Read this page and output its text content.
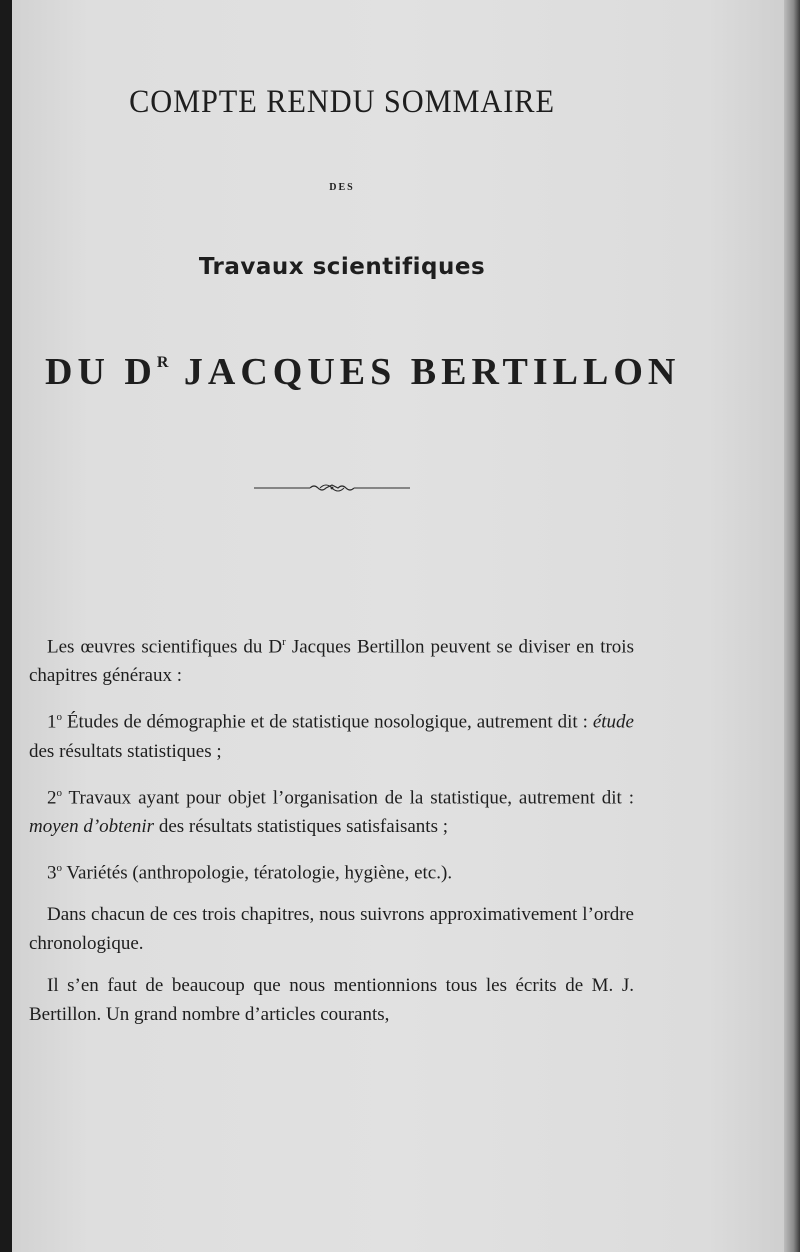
COMPTE RENDU SOMMAIRE
DES
Travaux scientifiques
DU $D^R$ JACQUES BERTILLON

Les œuvres scientifiques du $D^r$ Jacques Bertillon peuvent se diviser en trois chapitres généraux :

1$^o$ Études de démographie et de statistique nosologique, autrement dit : étude des résultats statistiques ;

2$^o$ Travaux ayant pour objet l’organisation de la statistique, autrement dit : moyen d’obtenir des résultats statistiques satisfaisants ;

3$^o$ Variétés (anthropologie, tératologie, hygiène, etc.).

Dans chacun de ces trois chapitres, nous suivrons approximativement l’ordre chronologique.

Il s’en faut de beaucoup que nous mentionnions tous les écrits de M. J. Bertillon. Un grand nombre d’articles courants,
